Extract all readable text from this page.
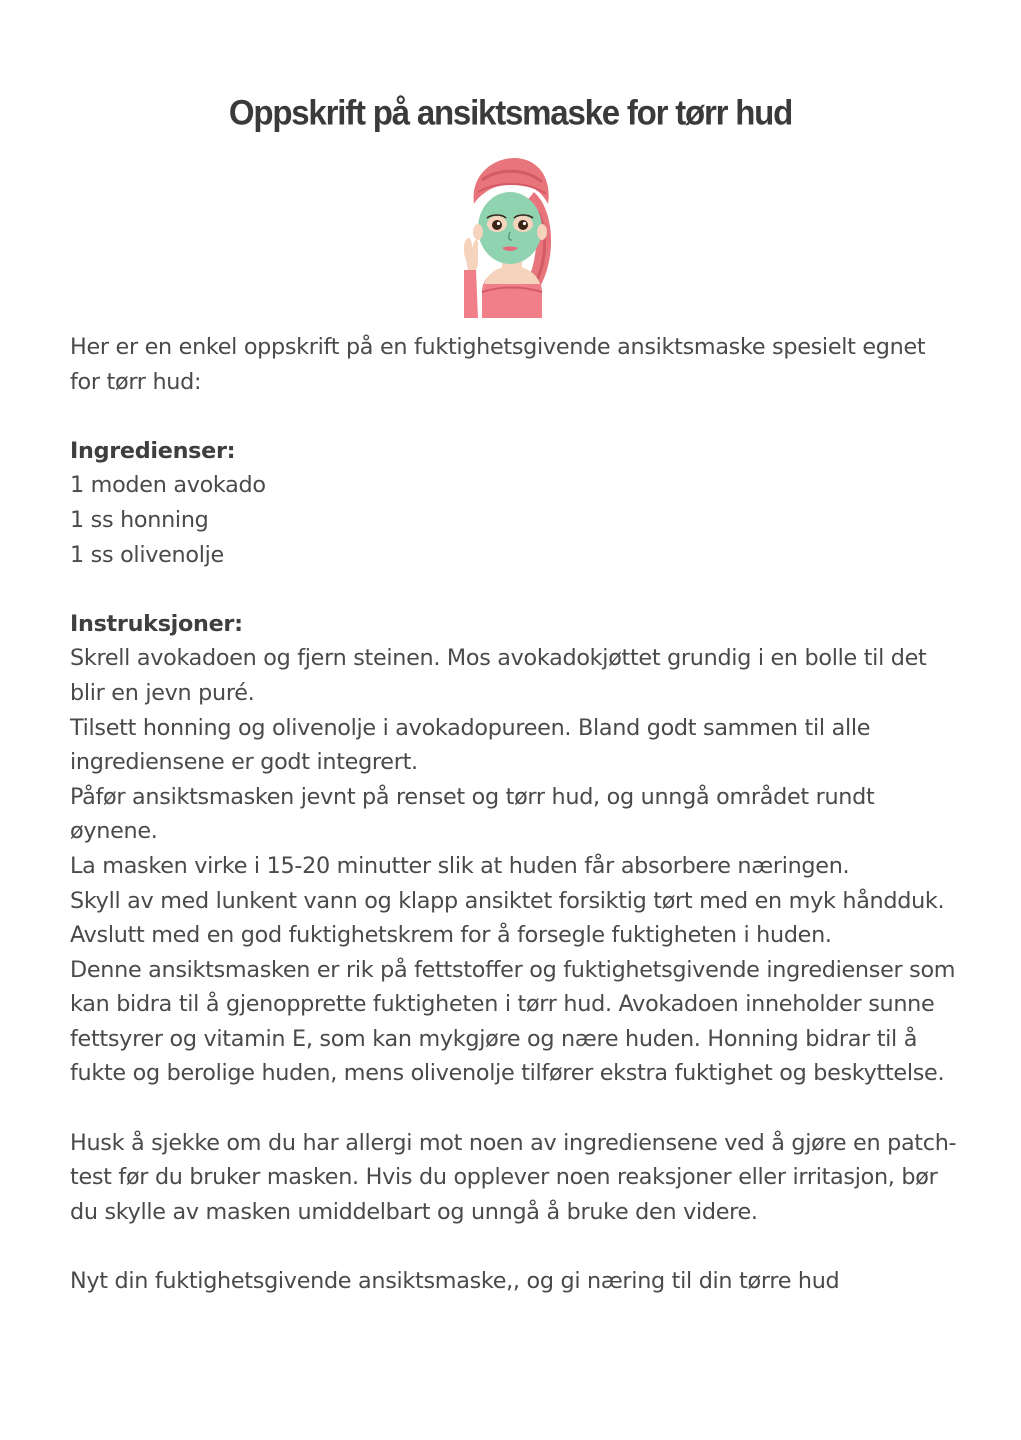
Oppskrift på ansiktsmaske for tørr hud

Her er en enkel oppskrift på en fuktighetsgivende ansiktsmaske spesielt egnet for tørr hud:

Ingredienser:

1 moden avokado

1 ss honning

1 ss olivenolje

Instruksjoner:

Skrell avokadoen og fjern steinen. Mos avokadokjøttet grundig i en bolle til det blir en jevn puré.

Tilsett honning og olivenolje i avokadopureen. Bland godt sammen til alle ingrediensene er godt integrert.

Påfør ansiktsmasken jevnt på renset og tørr hud, og unngå området rundt øynene.

La masken virke i 15-20 minutter slik at huden får absorbere næringen.

Skyll av med lunkent vann og klapp ansiktet forsiktig tørt med en myk håndduk.

Avslutt med en god fuktighetskrem for å forsegle fuktigheten i huden.

Denne ansiktsmasken er rik på fettstoffer og fuktighetsgivende ingredienser som kan bidra til å gjenopprette fuktigheten i tørr hud. Avokadoen inneholder sunne fettsyrer og vitamin E, som kan mykgjøre og nære huden. Honning bidrar til å fukte og berolige huden, mens olivenolje tilfører ekstra fuktighet og beskyttelse.

Husk å sjekke om du har allergi mot noen av ingrediensene ved å gjøre en patch-test før du bruker masken. Hvis du opplever noen reaksjoner eller irritasjon, bør du skylle av masken umiddelbart og unngå å bruke den videre.

Nyt din fuktighetsgivende ansiktsmaske,, og gi næring til din tørre hud
